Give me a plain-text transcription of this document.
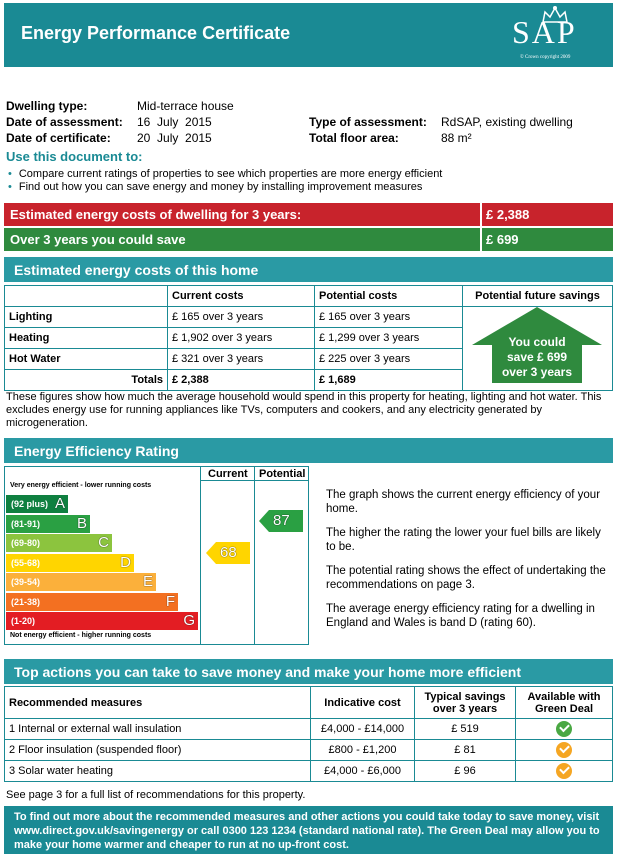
Energy Performance Certificate	SAP
© Crown copyright 2009
Dwelling type:	Mid-terrace house
Date of assessment: 16  July  2015
Date of certificate: 20  July  2015
Type of assessment: RdSAP, existing dwelling
Total floor area:	88 m²
Use this document to:
• Compare current ratings of properties to see which properties are more energy efficient
• Find out how you can save energy and money by installing improvement measures
Estimated energy costs of dwelling for 3 years:	£ 2,388
Over 3 years you could save	£ 699
Estimated energy costs of this home
	Current costs	Potential costs	Potential future savings
Lighting	£ 165 over 3 years	£ 165 over 3 years	
Heating	£ 1,902 over 3 years	£ 1,299 over 3 years	
Hot Water	£ 321 over 3 years	£ 225 over 3 years	
Totals	£ 2,388	£ 1,689	
You could
save £ 699
over 3 years
These figures show how much the average household would spend in this property for heating, lighting and hot water. This excludes energy use for running appliances like TVs, computers and cookers, and any electricity generated by microgeneration.
Energy Efficiency Rating
Current Potential
Very energy efficient - lower running costs
Not energy efficient - higher running costs
(92 plus) A
(81-91) B
(69-80)	C
(55-68)	D
(39-54)	E
(21-38)	F
(1-20)	G
68
87
The graph shows the current energy efficiency of your home.
The higher the rating the lower your fuel bills are likely to be.
The potential rating shows the effect of undertaking the recommendations on page 3.
The average energy efficiency rating for a dwelling in England and Wales is band D (rating 60).
Top actions you can take to save money and make your home more efficient
Recommended measures	Indicative cost	Typical savings over 3 years	Available with Green Deal
1 Internal or external wall insulation	£4,000 - £14,000	£ 519	
2 Floor insulation (suspended floor)	£800 - £1,200	£ 81	
3 Solar water heating	£4,000 - £6,000	£ 96	
See page 3 for a full list of recommendations for this property.
To find out more about the recommended measures and other actions you could take today to save money, visit
www.direct.gov.uk/savingenergy or call 0300 123 1234 (standard national rate). The Green Deal may allow you to
make your home warmer and cheaper to run at no up-front cost.
